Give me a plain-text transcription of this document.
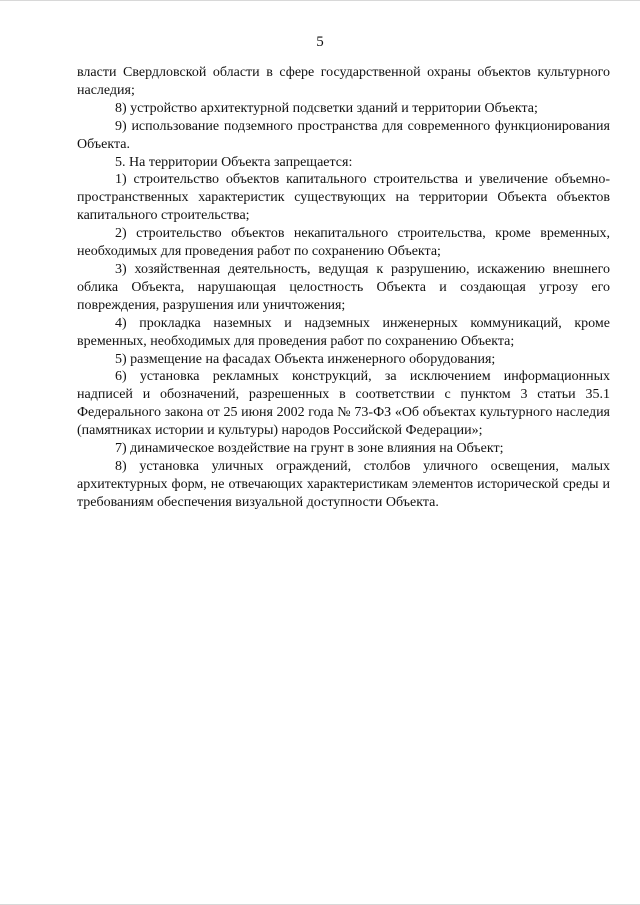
5

власти Свердловской области в сфере государственной охраны объектов культурного наследия;

8) устройство архитектурной подсветки зданий и территории Объекта;

9) использование подземного пространства для современного функционирования Объекта.

5. На территории Объекта запрещается:

1) строительство объектов капитального строительства и увеличение объемно-пространственных характеристик существующих на территории Объекта объектов капитального строительства;

2) строительство объектов некапитального строительства, кроме временных, необходимых для проведения работ по сохранению Объекта;

3) хозяйственная деятельность, ведущая к разрушению, искажению внешнего облика Объекта, нарушающая целостность Объекта и создающая угрозу его повреждения, разрушения или уничтожения;

4) прокладка наземных и надземных инженерных коммуникаций, кроме временных, необходимых для проведения работ по сохранению Объекта;

5) размещение на фасадах Объекта инженерного оборудования;

6) установка рекламных конструкций, за исключением информационных надписей и обозначений, разрешенных в соответствии с пунктом 3 статьи 35.1 Федерального закона от 25 июня 2002 года № 73-ФЗ «Об объектах культурного наследия (памятниках истории и культуры) народов Российской Федерации»;

7) динамическое воздействие на грунт в зоне влияния на Объект;

8) установка уличных ограждений, столбов уличного освещения, малых архитектурных форм, не отвечающих характеристикам элементов исторической среды и требованиям обеспечения визуальной доступности Объекта.
